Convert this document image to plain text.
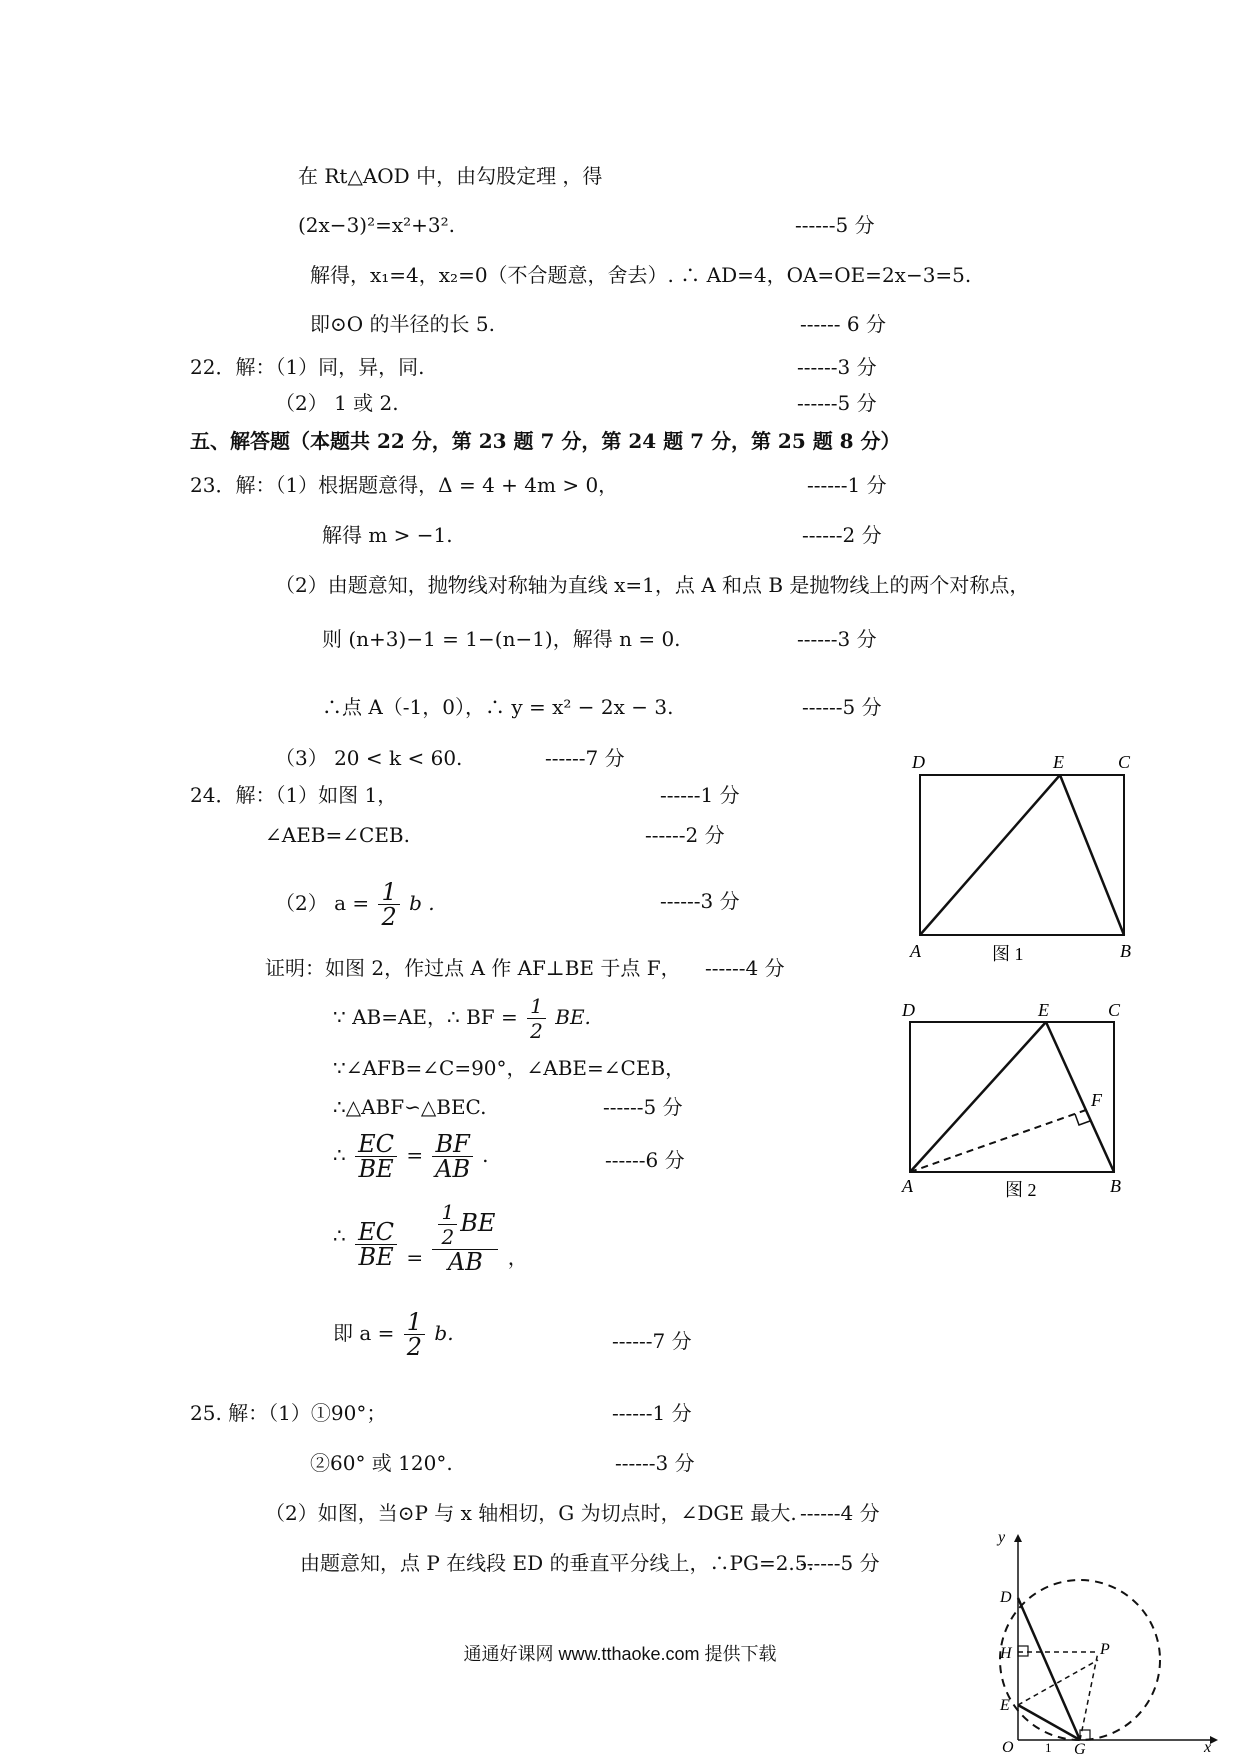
在 Rt△AOD 中，由勾股定理 ，得
(2x−3)²=x²+3².	------5 分
解得，x₁=4，x₂=0（不合题意，舍去）. ∴ AD=4，OA=OE=2x−3=5.
即⊙O 的半径的长 5.	------ 6 分
22．解：（1）同，异，同.	------3 分
（2） 1 或 2.	------5 分
五、解答题（本题共 22 分，第 23 题 7 分，第 24 题 7 分，第 25 题 8 分）
23．解：（1）根据题意得，Δ = 4 + 4m > 0，	------1 分
解得 m > −1.	------2 分
（2）由题意知，抛物线对称轴为直线 x=1，点 A 和点 B 是抛物线上的两个对称点，
则 (n+3)−1 = 1−(n−1)，解得 n = 0.	------3 分
∴点 A（-1，0），∴ y = x² − 2x − 3.	------5 分
（3） 20 < k < 60.	------7 分
24．解：（1）如图 1，	------1 分
∠AEB=∠CEB.	------2 分
（2） $a = \frac{1}{2}$ b .	------3 分
证明：如图 2，作过点 A 作 AF⊥BE 于点 F， ------4 分
∵ AB=AE，∴ BF = $\frac{1}{2}$ BE.
∵∠AFB=∠C=90°，∠ABE=∠CEB，
∴△ABF∽△BEC.	------5 分
∴ $\frac{EC}{BE} = \frac{BF}{AB}$ .	------6 分
∴ $\frac{EC}{BE} = \frac{\frac{1}{2} BE}{AB}$ ，
即 $a = \frac{1}{2} b$.	------7 分
25. 解：（1）①90°；	------1 分
②60° 或 120°.	------3 分
（2）如图，当⊙P 与 x 轴相切，G 为切点时，∠DGE 最大. ------4 分
由题意知，点 P 在线段 ED 的垂直平分线上，∴PG=2.5.
------5 分
D	E	C
A	B
图 1
D	E	C
F
A	B
图 2
y
x
D
H	P
E
O	G
1
通通好课网 www.tthaoke.com 提供下载
